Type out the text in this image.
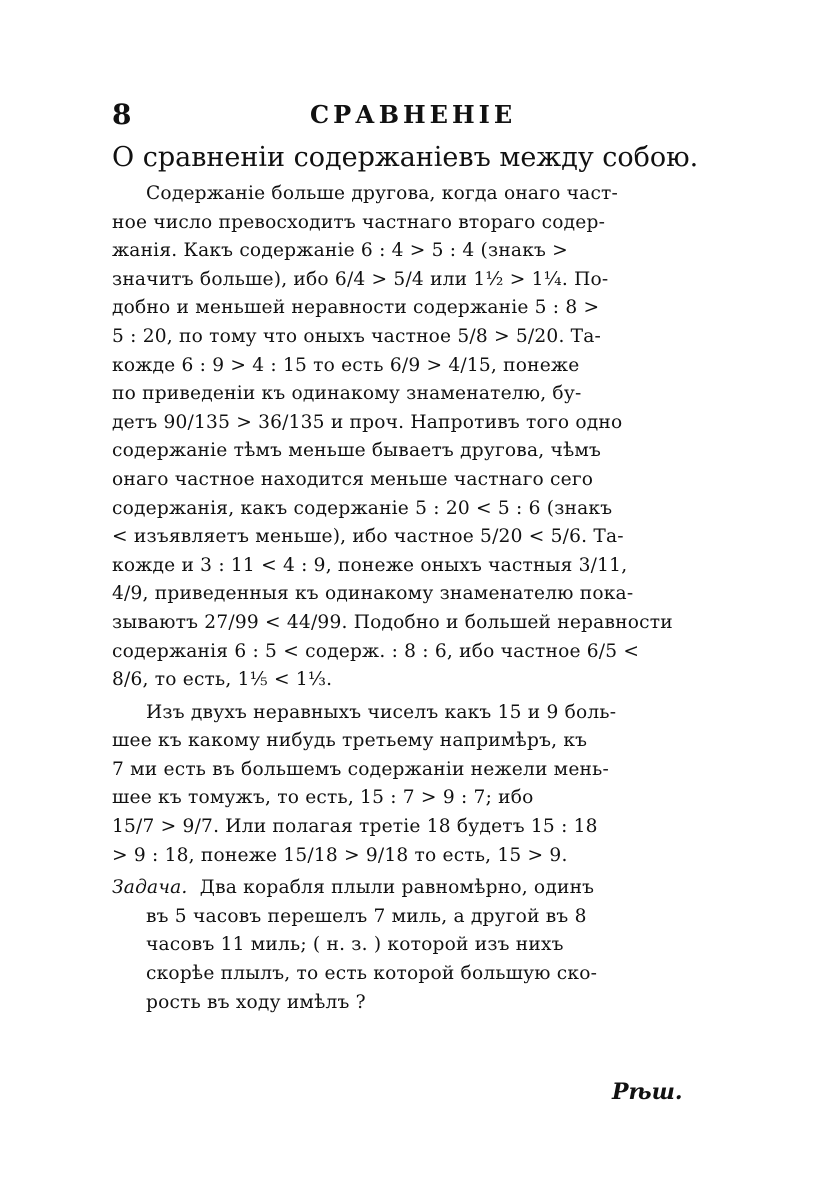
8	СРАВНЕНІЕ
О сравненіи содержаніевъ между собою.
Содержаніе больше другова, когда онаго част-
ное число превосходитъ частнаго втораго содер-
жанія. Какъ содержаніе 6 : 4 > 5 : 4 (знакъ >
значитъ больше), ибо 6/4 > 5/4 или 1½ > 1¼. По-
добно и меньшей неравности содержаніе 5 : 8 >
5 : 20, по тому что оныхъ частное 5/8 > 5/20. Та-
кожде 6 : 9 > 4 : 15 то есть 6/9 > 4/15, понеже
по приведеніи къ одинакому знаменателю, бу-
детъ 90/135 > 36/135 и проч. Напротивъ того одно
содержаніе тѣмъ меньше бываетъ другова, чѣмъ
онаго частное находится меньше частнаго сего
содержанія, какъ содержаніе 5 : 20 < 5 : 6 (знакъ
< изъявляетъ меньше), ибо частное 5/20 < 5/6. Та-
кожде и 3 : 11 < 4 : 9, понеже оныхъ частныя 3/11,
4/9, приведенныя къ одинакому знаменателю пока-
зываютъ 27/99 < 44/99. Подобно и большей неравности
содержанія 6 : 5 < содерж. : 8 : 6, ибо частное 6/5 <
8/6, то есть, 1⅕ < 1⅓.
Изъ двухъ неравныхъ чиселъ какъ 15 и 9 боль-
шее къ какому нибудь третьему напримѣръ, къ
7 ми есть въ большемъ содержаніи нежели мень-
шее къ томужъ, то есть, 15 : 7 > 9 : 7; ибо
15/7 > 9/7. Или полагая третіе 18 будетъ 15 : 18
> 9 : 18, понеже 15/18 > 9/18 то есть, 15 > 9.
Задача. Два корабля плыли равномѣрно, одинъ
въ 5 часовъ перешелъ 7 миль, а другой въ 8
часовъ 11 миль; ( н. з. ) которой изъ нихъ
скорѣе плылъ, то есть которой большую ско-
рость въ ходу имѣлъ ?
Рѣш.
